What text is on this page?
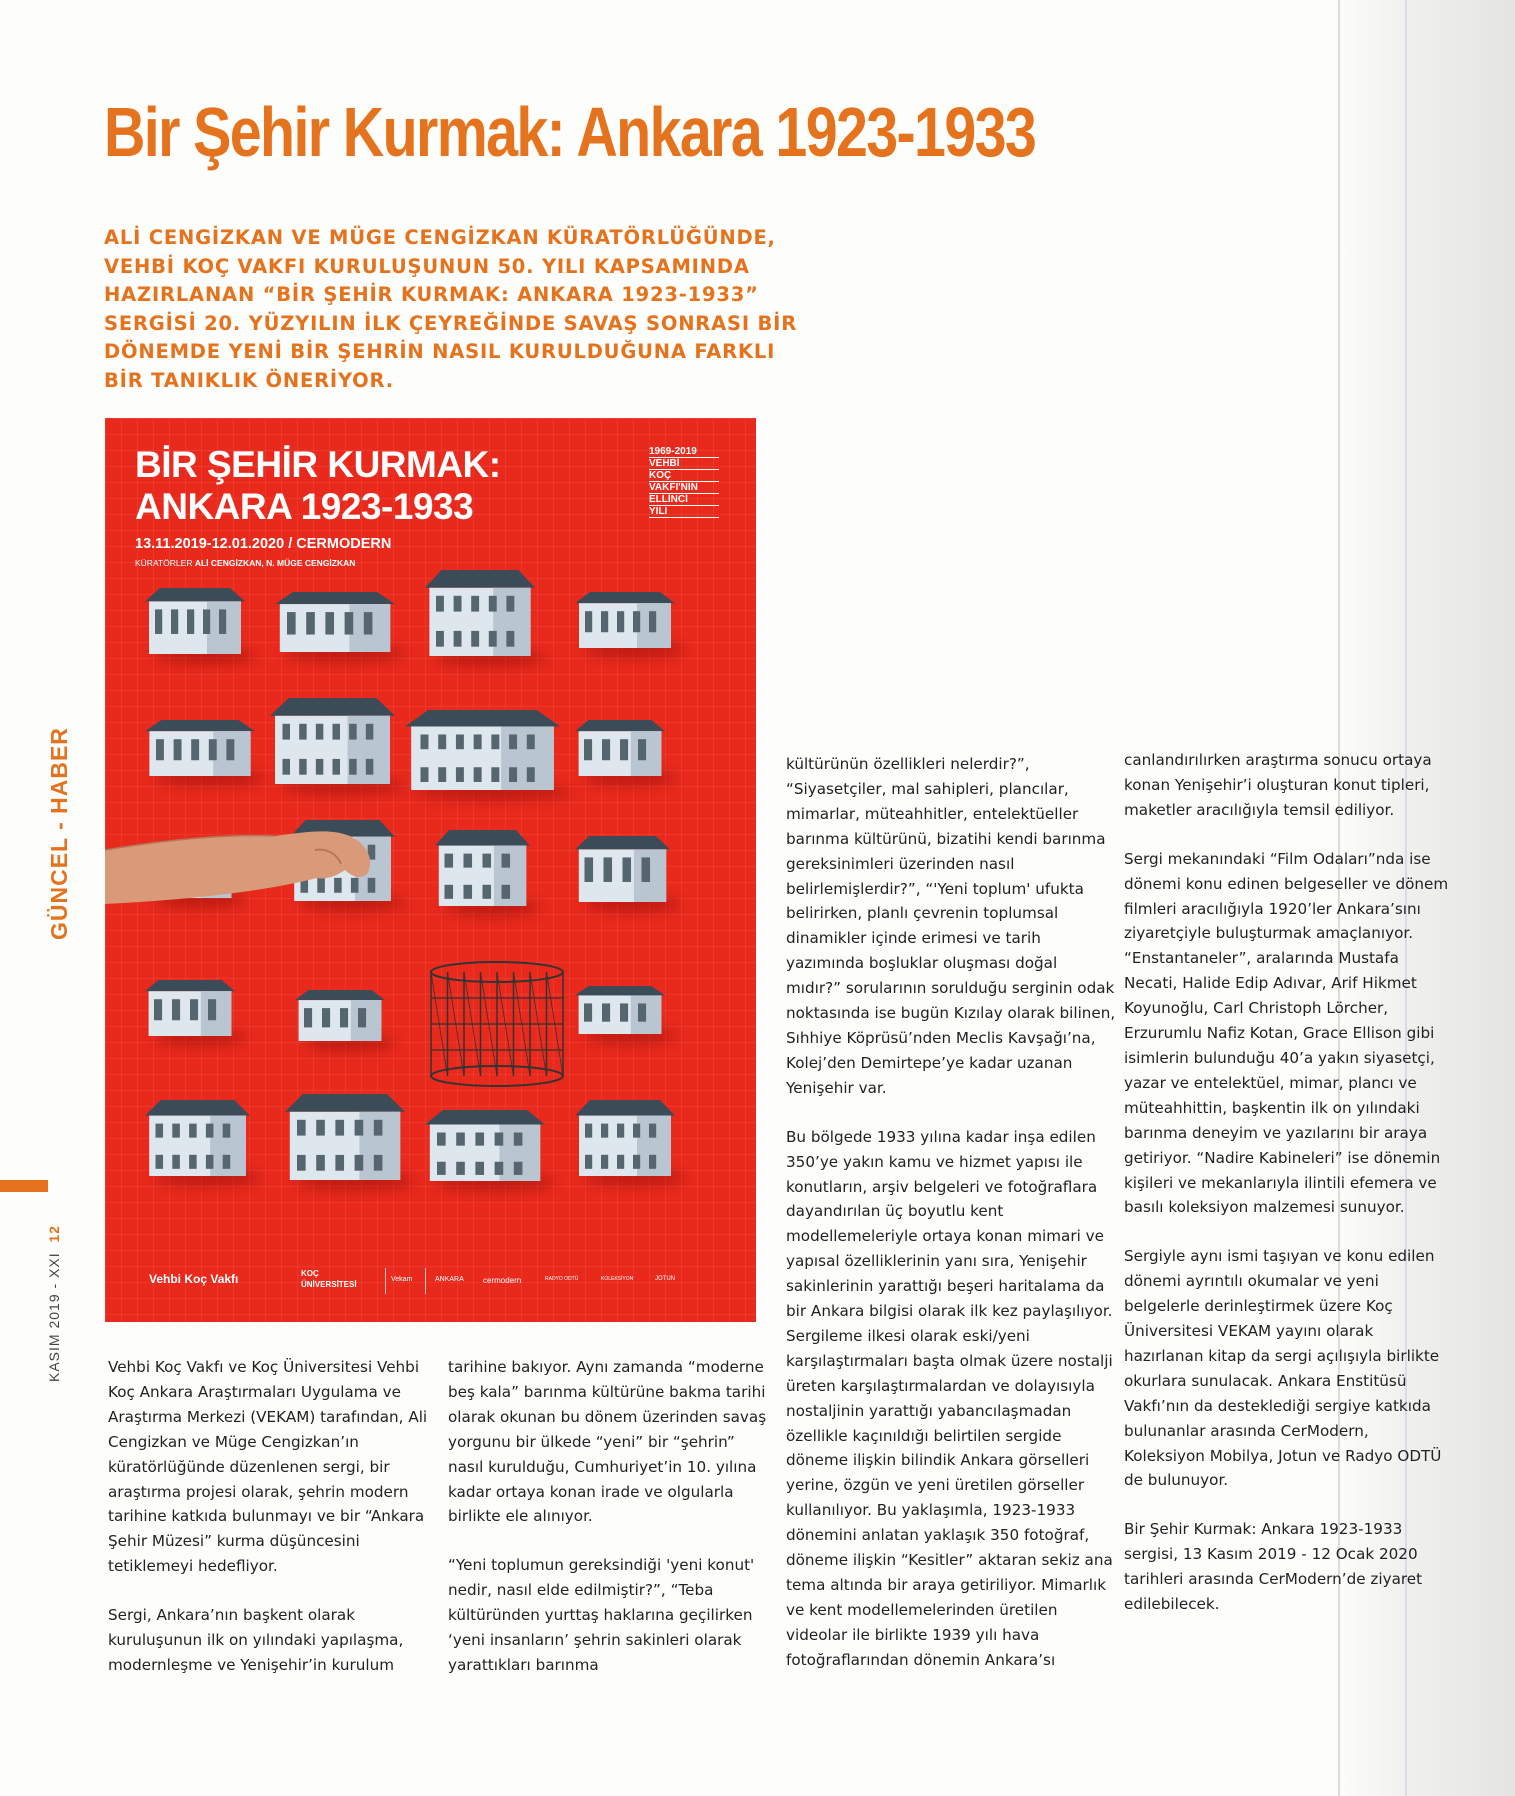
Bir Şehir Kurmak: Ankara 1923-1933

ALİ CENGİZKAN VE MÜGE CENGİZKAN KÜRATÖRLÜĞÜNDE, VEHBİ KOÇ VAKFI KURULUŞUNUN 50. YILI KAPSAMINDA HAZIRLANAN “BİR ŞEHİR KURMAK: ANKARA 1923-1933” SERGİSİ 20. YÜZYILIN İLK ÇEYREĞİNDE SAVAŞ SONRASI BİR DÖNEMDE YENİ BİR ŞEHRİN NASIL KURULDUĞUNA FARKLI BİR TANIKLIK ÖNERİYOR.

GÜNCEL - HABER
KASIM 2019 - XXI  12
BİR ŞEHİR KURMAK:
ANKARA 1923-1933
13.11.2019-12.01.2020 / CERMODERN
KÜRATÖRLER ALİ CENGİZKAN, N. MÜGE CENGİZKAN
1969-2019
VEHBİ
KOÇ
VAKFI'NIN
ELLİNCİ
YILI
Vehbi Koç Vakfı	KOÇ
ÜNİVERSİTESİ
Vekam	ANKARA cermodern	RADYO ODTÜ	KOLEKSİYON	JOTUN

Vehbi Koç Vakfı ve Koç Üniversitesi Vehbi Koç Ankara Araştırmaları Uygulama ve Araştırma Merkezi (VEKAM) tarafından, Ali Cengizkan ve Müge Cengizkan’ın küratörlüğünde düzenlenen sergi, bir araştırma projesi olarak, şehrin modern tarihine katkıda bulunmayı ve bir “Ankara Şehir Müzesi” kurma düşüncesini tetiklemeyi hedefliyor.

Sergi, Ankara’nın başkent olarak kuruluşunun ilk on yılındaki yapılaşma, modernleşme ve Yenişehir’in kurulum

tarihine bakıyor. Aynı zamanda “moderne beş kala” barınma kültürüne bakma tarihi olarak okunan bu dönem üzerinden savaş yorgunu bir ülkede “yeni” bir “şehrin” nasıl kurulduğu, Cumhuriyet’in 10. yılına kadar ortaya konan irade ve olgularla birlikte ele alınıyor.

“Yeni toplumun gereksindiği 'yeni konut' nedir, nasıl elde edilmiştir?”, “Teba kültüründen yurttaş haklarına geçilirken ‘yeni insanların’ şehrin sakinleri olarak yarattıkları barınma

kültürünün özellikleri nelerdir?”, “Siyasetçiler, mal sahipleri, plancılar, mimarlar, müteahhitler, entelektüeller barınma kültürünü, bizatihi kendi barınma gereksinimleri üzerinden nasıl belirlemişlerdir?”, “'Yeni toplum' ufukta belirirken, planlı çevrenin toplumsal dinamikler içinde erimesi ve tarih yazımında boşluklar oluşması doğal mıdır?” sorularının sorulduğu serginin odak noktasında ise bugün Kızılay olarak bilinen, Sıhhiye Köprüsü’nden Meclis Kavşağı’na, Kolej’den Demirtepe’ye kadar uzanan Yenişehir var.

Bu bölgede 1933 yılına kadar inşa edilen 350’ye yakın kamu ve hizmet yapısı ile konutların, arşiv belgeleri ve fotoğraflara dayandırılan üç boyutlu kent modellemeleriyle ortaya konan mimari ve yapısal özelliklerinin yanı sıra, Yenişehir sakinlerinin yarattığı beşeri haritalama da bir Ankara bilgisi olarak ilk kez paylaşılıyor. Sergileme ilkesi olarak eski/yeni karşılaştırmaları başta olmak üzere nostalji üreten karşılaştırmalardan ve dolayısıyla nostaljinin yarattığı yabancılaşmadan özellikle kaçınıldığı belirtilen sergide döneme ilişkin bilindik Ankara görselleri yerine, özgün ve yeni üretilen görseller kullanılıyor. Bu yaklaşımla, 1923-1933 dönemini anlatan yaklaşık 350 fotoğraf, döneme ilişkin “Kesitler” aktaran sekiz ana tema altında bir araya getiriliyor. Mimarlık ve kent modellemelerinden üretilen videolar ile birlikte 1939 yılı hava fotoğraflarından dönemin Ankara’sı

canlandırılırken araştırma sonucu ortaya konan Yenişehir’i oluşturan konut tipleri, maketler aracılığıyla temsil ediliyor.

Sergi mekanındaki “Film Odaları”nda ise dönemi konu edinen belgeseller ve dönem filmleri aracılığıyla 1920’ler Ankara’sını ziyaretçiyle buluşturmak amaçlanıyor. “Enstantaneler”, aralarında Mustafa Necati, Halide Edip Adıvar, Arif Hikmet Koyunoğlu, Carl Christoph Lörcher, Erzurumlu Nafiz Kotan, Grace Ellison gibi isimlerin bulunduğu 40’a yakın siyasetçi, yazar ve entelektüel, mimar, plancı ve müteahhittin, başkentin ilk on yılındaki barınma deneyim ve yazılarını bir araya getiriyor. “Nadire Kabineleri” ise dönemin kişileri ve mekanlarıyla ilintili efemera ve basılı koleksiyon malzemesi sunuyor.

Sergiyle aynı ismi taşıyan ve konu edilen dönemi ayrıntılı okumalar ve yeni belgelerle derinleştirmek üzere Koç Üniversitesi VEKAM yayını olarak hazırlanan kitap da sergi açılışıyla birlikte okurlara sunulacak. Ankara Enstitüsü Vakfı’nın da desteklediği sergiye katkıda bulunanlar arasında CerModern, Koleksiyon Mobilya, Jotun ve Radyo ODTÜ de bulunuyor.

Bir Şehir Kurmak: Ankara 1923-1933 sergisi, 13 Kasım 2019 - 12 Ocak 2020 tarihleri arasında CerModern’de ziyaret edilebilecek.
